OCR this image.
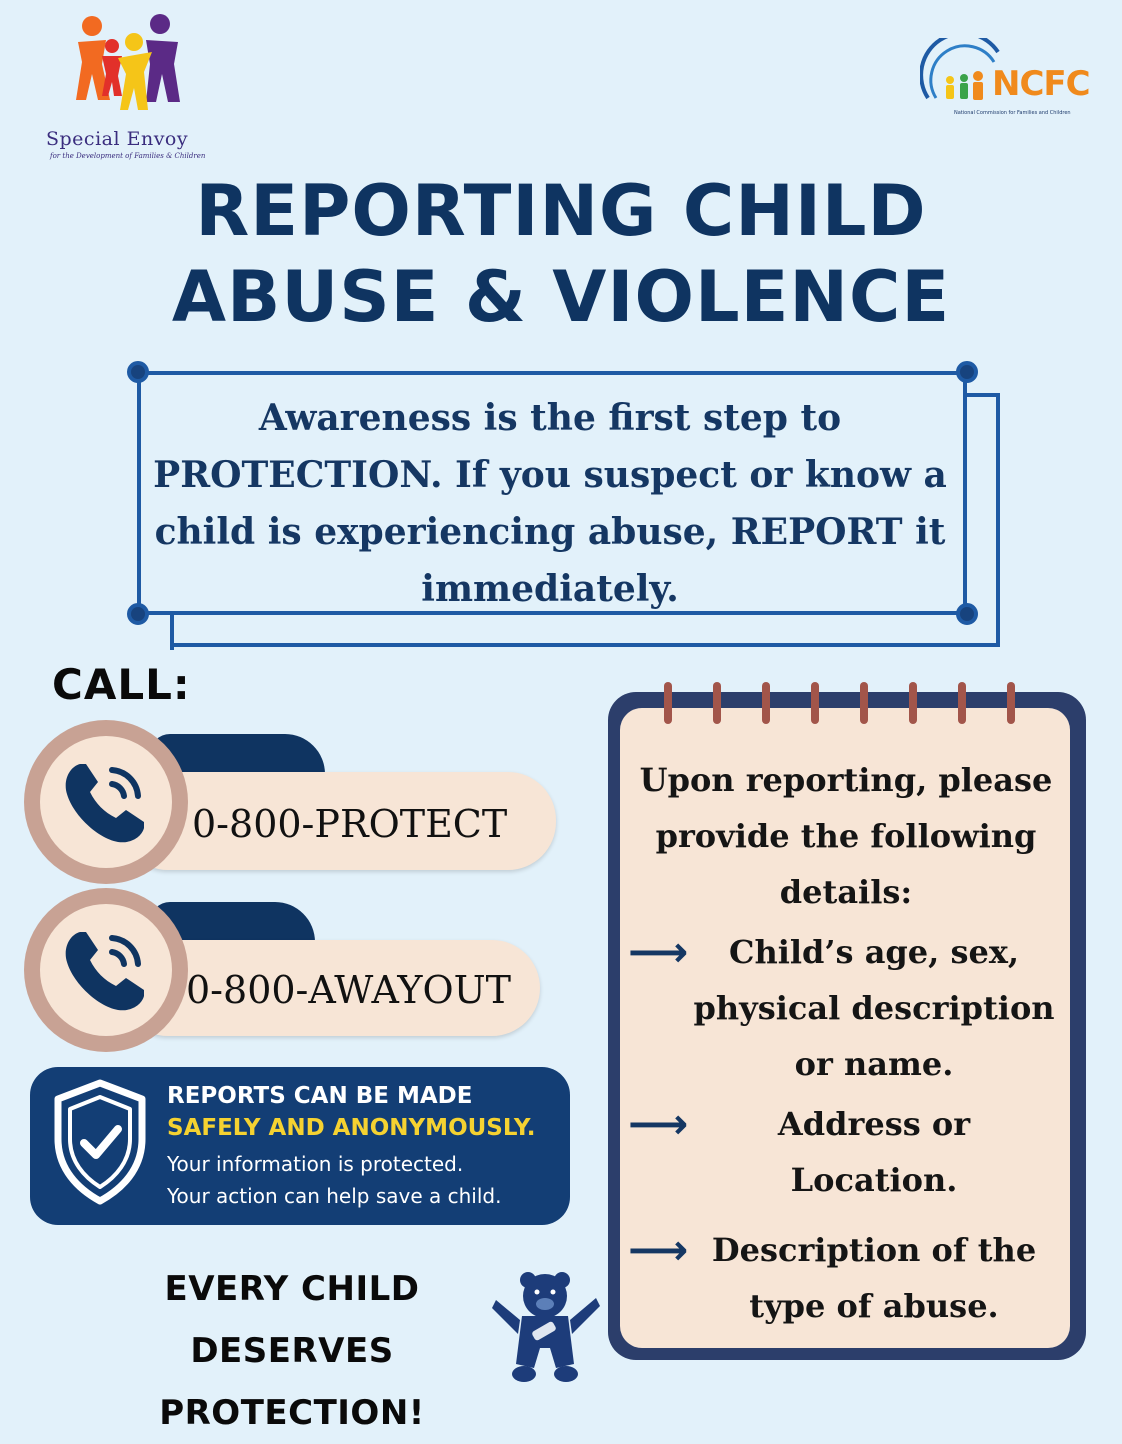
Special Envoy
for the Development of Families & Children
NCFC
National Commission for Families and Children
REPORTING CHILD
ABUSE & VIOLENCE
Awareness is the first step to
PROTECTION. If you suspect or know a
child is experiencing abuse, REPORT it
immediately.
CALL:
0-800-PROTECT
0-800-AWAYOUT
REPORTS CAN BE MADE
SAFELY AND ANONYMOUSLY.
Your information is protected.
Your action can help save a child.
EVERY CHILD DESERVES
PROTECTION!
Upon reporting, please
provide the following
details:
⟶	Child’s age, sex,
physical description
or name.
⟶	Address or
Location.
⟶ Description of the
type of abuse.
